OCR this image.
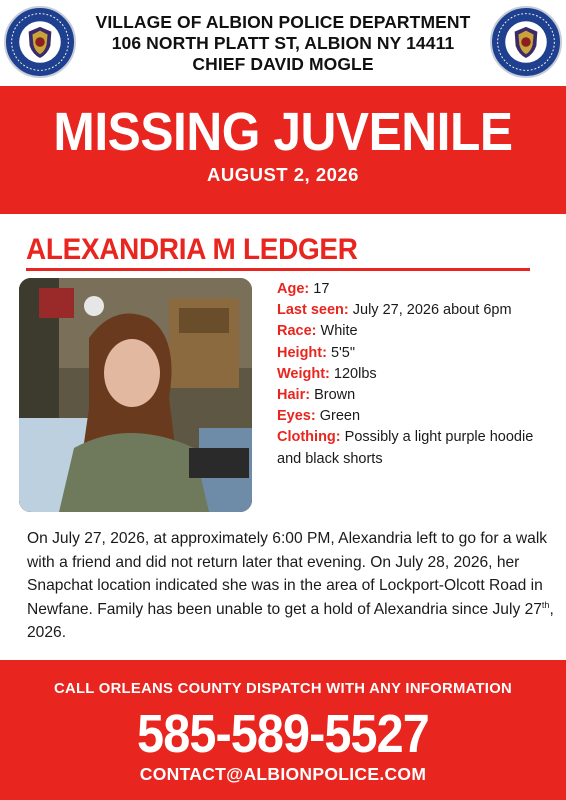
VILLAGE OF ALBION POLICE DEPARTMENT
106 NORTH PLATT ST, ALBION NY 14411
CHIEF DAVID MOGLE
MISSING JUVENILE
AUGUST 2, 2026
ALEXANDRIA M LEDGER

Age: 17

Last seen: July 27, 2026 about 6pm

Race: White

Height: 5'5"

Weight: 120lbs

Hair: Brown

Eyes: Green

Clothing: Possibly a light purple hoodie and black shorts

On July 27, 2026, at approximately 6:00 PM, Alexandria left to go for a walk with a friend and did not return later that evening. On July 28, 2026, her Snapchat location indicated she was in the area of Lockport-Olcott Road in Newfane. Family has been unable to get a hold of Alexandria since July 27th, 2026.
CALL ORLEANS COUNTY DISPATCH WITH ANY INFORMATION
585-589-5527
CONTACT@ALBIONPOLICE.COM
